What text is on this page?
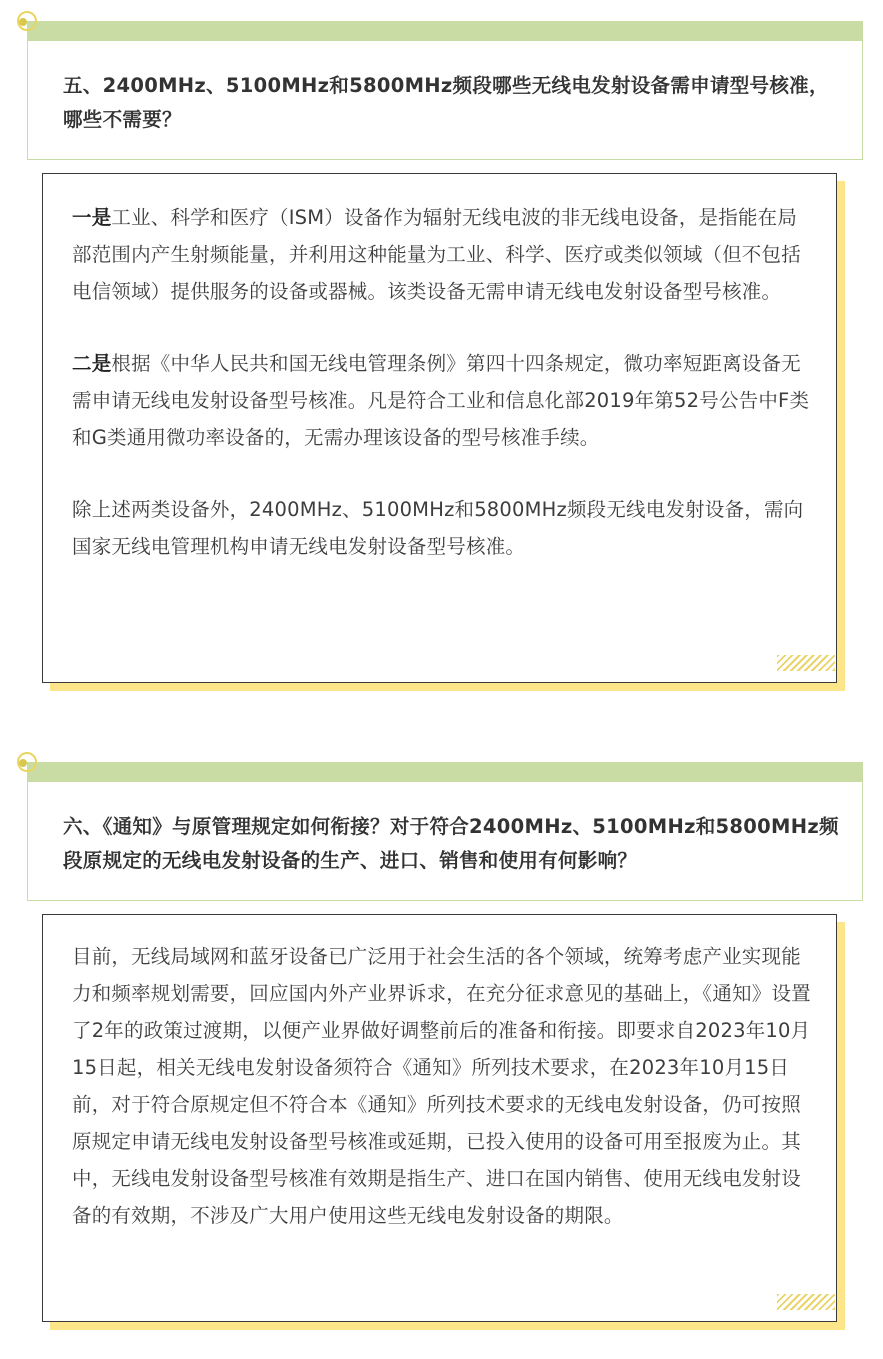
五、2400MHz、5100MHz和5800MHz频段哪些无线电发射设备需申请型号核准，哪些不需要？

一是工业、科学和医疗（ISM）设备作为辐射无线电波的非无线电设备，是指能在局部范围内产生射频能量，并利用这种能量为工业、科学、医疗或类似领域（但不包括电信领域）提供服务的设备或器械。该类设备无需申请无线电发射设备型号核准。

二是根据《中华人民共和国无线电管理条例》第四十四条规定，微功率短距离设备无需申请无线电发射设备型号核准。凡是符合工业和信息化部2019年第52号公告中F类和G类通用微功率设备的，无需办理该设备的型号核准手续。

除上述两类设备外，2400MHz、5100MHz和5800MHz频段无线电发射设备，需向国家无线电管理机构申请无线电发射设备型号核准。

六、《通知》与原管理规定如何衔接？对于符合2400MHz、5100MHz和5800MHz频段原规定的无线电发射设备的生产、进口、销售和使用有何影响？

目前，无线局域网和蓝牙设备已广泛用于社会生活的各个领域，统筹考虑产业实现能力和频率规划需要，回应国内外产业界诉求，在充分征求意见的基础上，《通知》设置了2年的政策过渡期，以便产业界做好调整前后的准备和衔接。即要求自2023年10月15日起，相关无线电发射设备须符合《通知》所列技术要求，在2023年10月15日前，对于符合原规定但不符合本《通知》所列技术要求的无线电发射设备，仍可按照原规定申请无线电发射设备型号核准或延期，已投入使用的设备可用至报废为止。其中，无线电发射设备型号核准有效期是指生产、进口在国内销售、使用无线电发射设备的有效期，不涉及广大用户使用这些无线电发射设备的期限。
